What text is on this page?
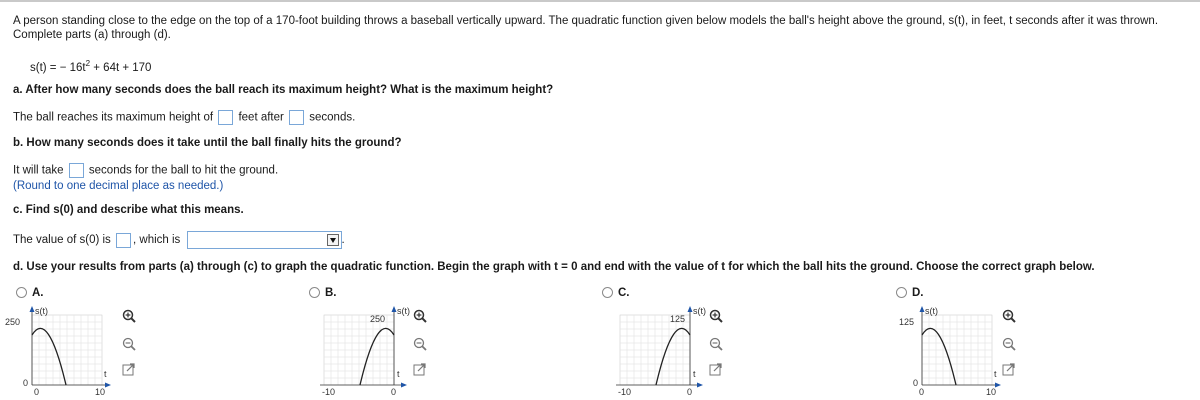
A person standing close to the edge on the top of a 170-foot building throws a baseball vertically upward. The quadratic function given below models the ball's height above the ground, s(t), in feet, t seconds after it was thrown. Complete parts (a) through (d).
s(t) = − $16t^2 + 64t + 170$
a. After how many seconds does the ball reach its maximum height? What is the maximum height?
The ball reaches its maximum height of feet after seconds.
b. How many seconds does it take until the ball finally hits the ground?
It will take seconds for the ball to hit the ground.
(Round to one decimal place as needed.)
c. Find s(0) and describe what this means.
The value of s(0) is , which is	.
d. Use your results from parts (a) through (c) to graph the quadratic function. Begin the graph with t = 0 and end with the value of t for which the ball hits the ground. Choose the correct graph below.
A.	B.	C.	D.
s(t)
250
0
t
0	10
s(t)
250
t
-10	0
s(t)
125
t
-10	0
s(t)
125
0
t
0	10
